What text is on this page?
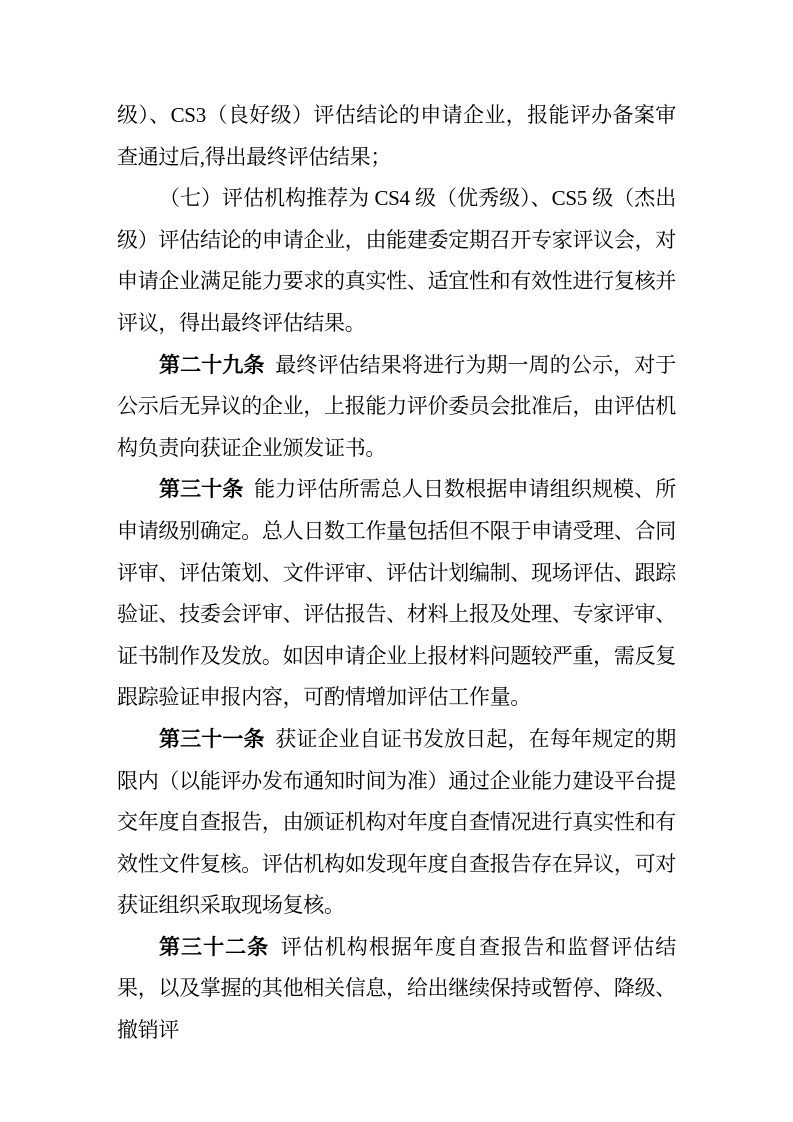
级）、CS3（良好级）评估结论的申请企业，报能评办备案审查通过后,得出最终评估结果；

（七）评估机构推荐为 CS4 级（优秀级）、CS5 级（杰出级）评估结论的申请企业，由能建委定期召开专家评议会，对申请企业满足能力要求的真实性、适宜性和有效性进行复核并评议，得出最终评估结果。

第二十九条 最终评估结果将进行为期一周的公示，对于公示后无异议的企业，上报能力评价委员会批准后，由评估机构负责向获证企业颁发证书。

第三十条 能力评估所需总人日数根据申请组织规模、所申请级别确定。总人日数工作量包括但不限于申请受理、合同评审、评估策划、文件评审、评估计划编制、现场评估、跟踪验证、技委会评审、评估报告、材料上报及处理、专家评审、证书制作及发放。如因申请企业上报材料问题较严重，需反复跟踪验证申报内容，可酌情增加评估工作量。

第三十一条 获证企业自证书发放日起，在每年规定的期限内（以能评办发布通知时间为准）通过企业能力建设平台提交年度自查报告，由颁证机构对年度自查情况进行真实性和有效性文件复核。评估机构如发现年度自查报告存在异议，可对获证组织采取现场复核。

第三十二条 评估机构根据年度自查报告和监督评估结果，以及掌握的其他相关信息，给出继续保持或暂停、降级、撤销评
